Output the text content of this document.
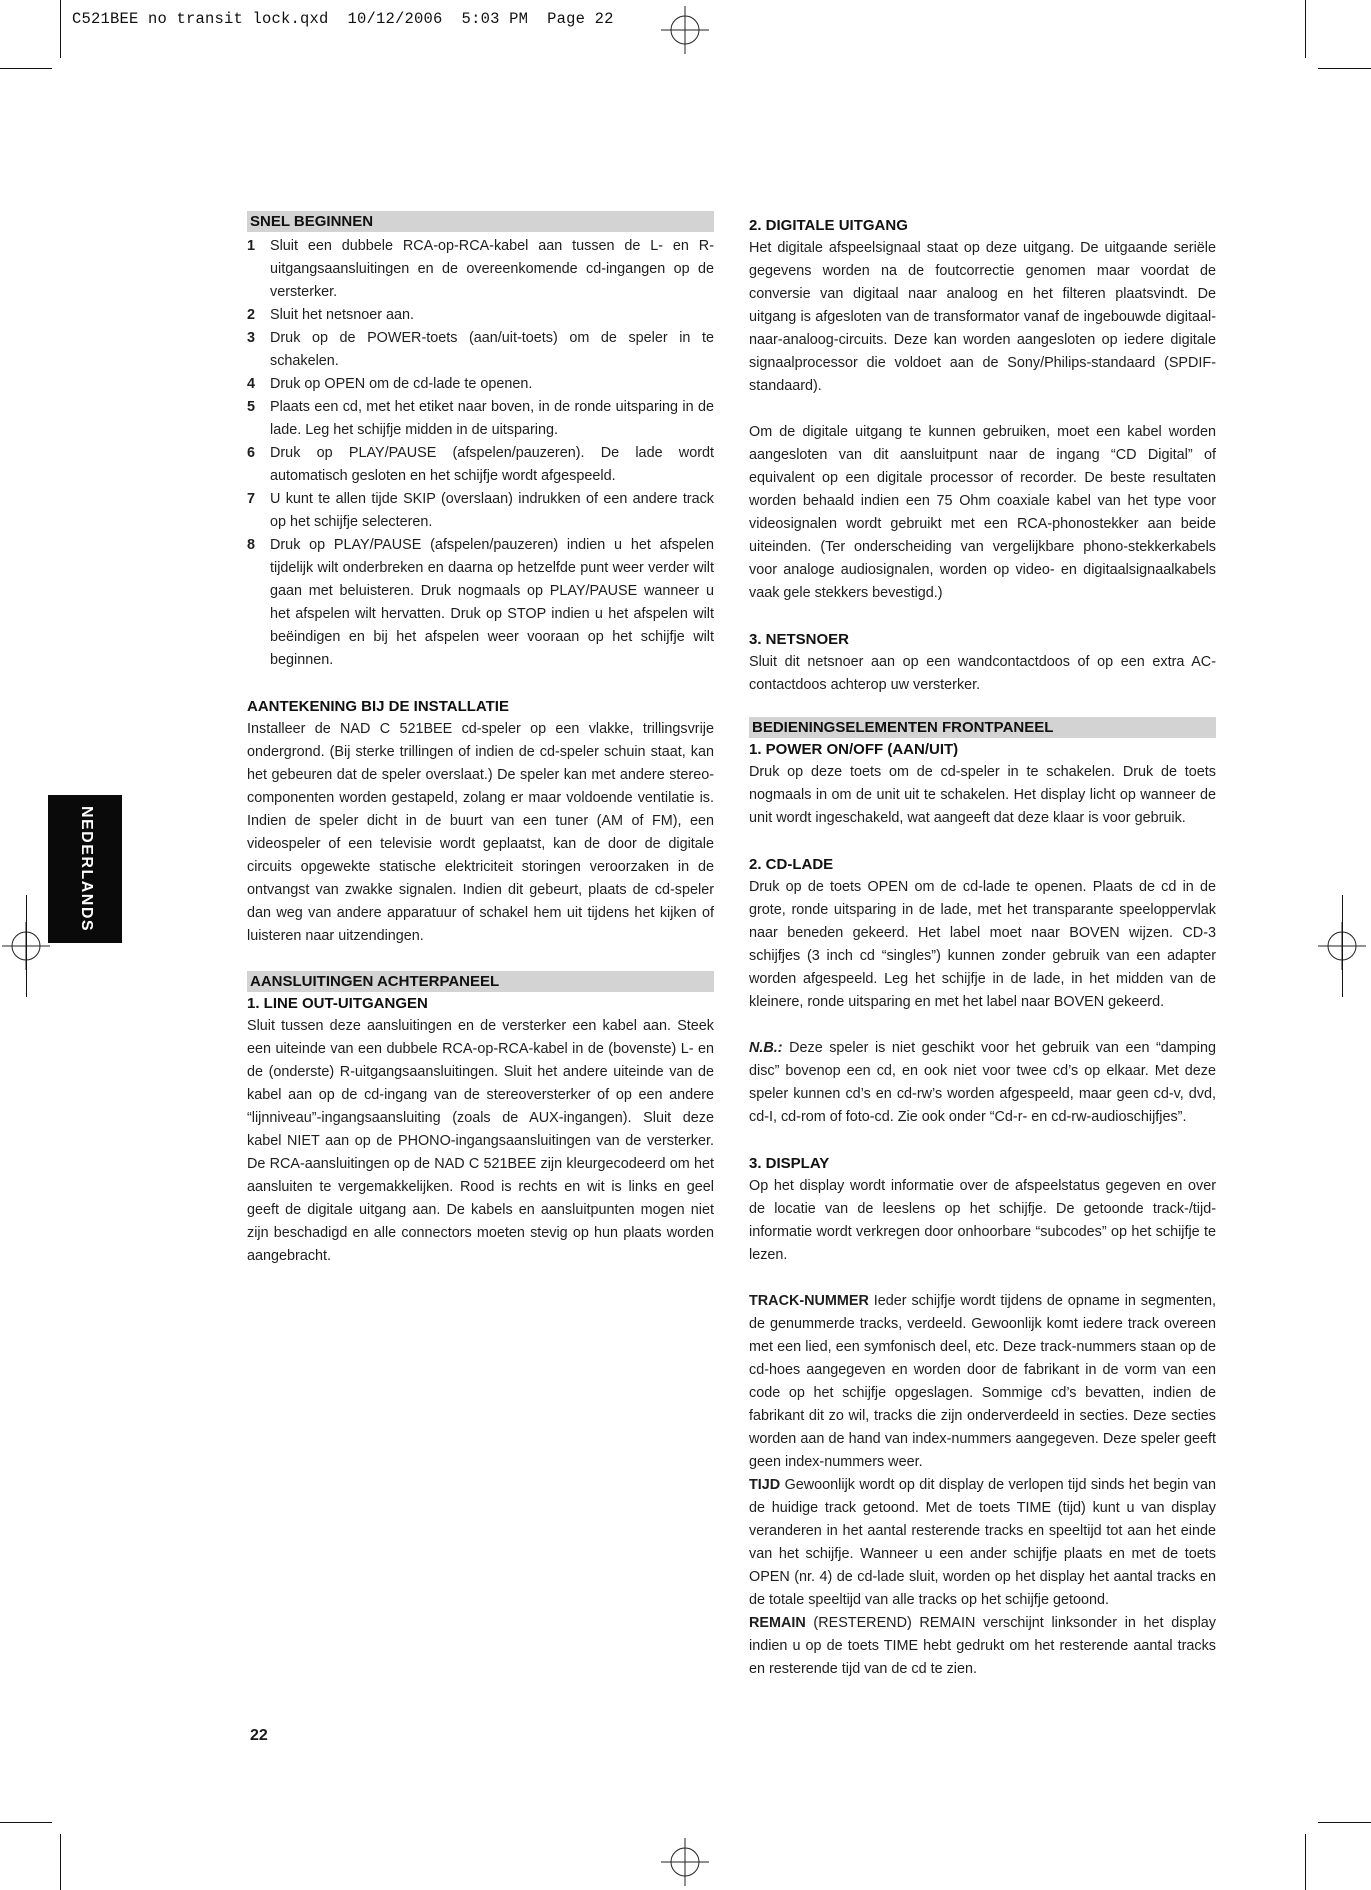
C521BEE no transit lock.qxd  10/12/2006  5:03 PM  Page 22
NEDERLANDS
SNEL BEGINNEN
1	Sluit een dubbele RCA-op-RCA-kabel aan tussen de L- en R-uitgangsaansluitingen en de overeenkomende cd-ingangen op de versterker.
2	Sluit het netsnoer aan.
3	Druk op de POWER-toets (aan/uit-toets) om de speler in te schakelen.
4	Druk op OPEN om de cd-lade te openen.
5	Plaats een cd, met het etiket naar boven, in de ronde uitsparing in de lade. Leg het schijfje midden in de uitsparing.
6	Druk op PLAY/PAUSE (afspelen/pauzeren). De lade wordt automatisch gesloten en het schijfje wordt afgespeeld.
7	U kunt te allen tijde SKIP (overslaan) indrukken of een andere track op het schijfje selecteren.
8	Druk op PLAY/PAUSE (afspelen/pauzeren) indien u het afspelen tijdelijk wilt onderbreken en daarna op hetzelfde punt weer verder wilt gaan met beluisteren. Druk nogmaals op PLAY/PAUSE wanneer u het afspelen wilt hervatten. Druk op STOP indien u het afspelen wilt beëindigen en bij het afspelen weer vooraan op het schijfje wilt beginnen.
AANTEKENING BIJ DE INSTALLATIE

Installeer de NAD C 521BEE cd-speler op een vlakke, trillingsvrije ondergrond. (Bij sterke trillingen of indien de cd-speler schuin staat, kan het gebeuren dat de speler overslaat.) De speler kan met andere stereo-componenten worden gestapeld, zolang er maar voldoende ventilatie is. Indien de speler dicht in de buurt van een tuner (AM of FM), een videospeler of een televisie wordt geplaatst, kan de door de digitale circuits opgewekte statische elektriciteit storingen veroorzaken in de ontvangst van zwakke signalen. Indien dit gebeurt, plaats de cd-speler dan weg van andere apparatuur of schakel hem uit tijdens het kijken of luisteren naar uitzendingen.

AANSLUITINGEN ACHTERPANEEL
1. LINE OUT-UITGANGEN

Sluit tussen deze aansluitingen en de versterker een kabel aan. Steek een uiteinde van een dubbele RCA-op-RCA-kabel in de (bovenste) L- en de (onderste) R-uitgangsaansluitingen. Sluit het andere uiteinde van de kabel aan op de cd-ingang van de stereoversterker of op een andere “lijnniveau”-ingangsaansluiting (zoals de AUX-ingangen). Sluit deze kabel NIET aan op de PHONO-ingangsaansluitingen van de versterker. De RCA-aansluitingen op de NAD C 521BEE zijn kleurgecodeerd om het aansluiten te vergemakkelijken. Rood is rechts en wit is links en geel geeft de digitale uitgang aan. De kabels en aansluitpunten mogen niet zijn beschadigd en alle connectors moeten stevig op hun plaats worden aangebracht.

2. DIGITALE UITGANG

Het digitale afspeelsignaal staat op deze uitgang. De uitgaande seriële gegevens worden na de foutcorrectie genomen maar voordat de conversie van digitaal naar analoog en het filteren plaatsvindt. De uitgang is afgesloten van de transformator vanaf de ingebouwde digitaal-naar-analoog-circuits. Deze kan worden aangesloten op iedere digitale signaalprocessor die voldoet aan de Sony/Philips-standaard (SPDIF-standaard).

Om de digitale uitgang te kunnen gebruiken, moet een kabel worden aangesloten van dit aansluitpunt naar de ingang “CD Digital” of equivalent op een digitale processor of recorder. De beste resultaten worden behaald indien een 75 Ohm coaxiale kabel van het type voor videosignalen wordt gebruikt met een RCA-phonostekker aan beide uiteinden. (Ter onderscheiding van vergelijkbare phono-stekkerkabels voor analoge audiosignalen, worden op video- en digitaalsignaalkabels vaak gele stekkers bevestigd.)

3. NETSNOER

Sluit dit netsnoer aan op een wandcontactdoos of op een extra AC-contactdoos achterop uw versterker.

BEDIENINGSELEMENTEN FRONTPANEEL
1. POWER ON/OFF (AAN/UIT)

Druk op deze toets om de cd-speler in te schakelen. Druk de toets nogmaals in om de unit uit te schakelen. Het display licht op wanneer de unit wordt ingeschakeld, wat aangeeft dat deze klaar is voor gebruik.

2. CD-LADE

Druk op de toets OPEN om de cd-lade te openen. Plaats de cd in de grote, ronde uitsparing in de lade, met het transparante speeloppervlak naar beneden gekeerd. Het label moet naar BOVEN wijzen. CD-3 schijfjes (3 inch cd “singles”) kunnen zonder gebruik van een adapter worden afgespeeld. Leg het schijfje in de lade, in het midden van de kleinere, ronde uitsparing en met het label naar BOVEN gekeerd.

N.B.: Deze speler is niet geschikt voor het gebruik van een “damping disc” bovenop een cd, en ook niet voor twee cd’s op elkaar. Met deze speler kunnen cd’s en cd-rw’s worden afgespeeld, maar geen cd-v, dvd, cd-I, cd-rom of foto-cd. Zie ook onder “Cd-r- en cd-rw-audioschijfjes”.

3. DISPLAY

Op het display wordt informatie over de afspeelstatus gegeven en over de locatie van de leeslens op het schijfje. De getoonde track-/tijd-informatie wordt verkregen door onhoorbare “subcodes” op het schijfje te lezen.

TRACK-NUMMER Ieder schijfje wordt tijdens de opname in segmenten, de genummerde tracks, verdeeld. Gewoonlijk komt iedere track overeen met een lied, een symfonisch deel, etc. Deze track-nummers staan op de cd-hoes aangegeven en worden door de fabrikant in de vorm van een code op het schijfje opgeslagen. Sommige cd’s bevatten, indien de fabrikant dit zo wil, tracks die zijn onderverdeeld in secties. Deze secties worden aan de hand van index-nummers aangegeven. Deze speler geeft geen index-nummers weer.

TIJD Gewoonlijk wordt op dit display de verlopen tijd sinds het begin van de huidige track getoond. Met de toets TIME (tijd) kunt u van display veranderen in het aantal resterende tracks en speeltijd tot aan het einde van het schijfje. Wanneer u een ander schijfje plaats en met de toets OPEN (nr. 4) de cd-lade sluit, worden op het display het aantal tracks en de totale speeltijd van alle tracks op het schijfje getoond.

REMAIN (RESTEREND) REMAIN verschijnt linksonder in het display indien u op de toets TIME hebt gedrukt om het resterende aantal tracks en resterende tijd van de cd te zien.

22
